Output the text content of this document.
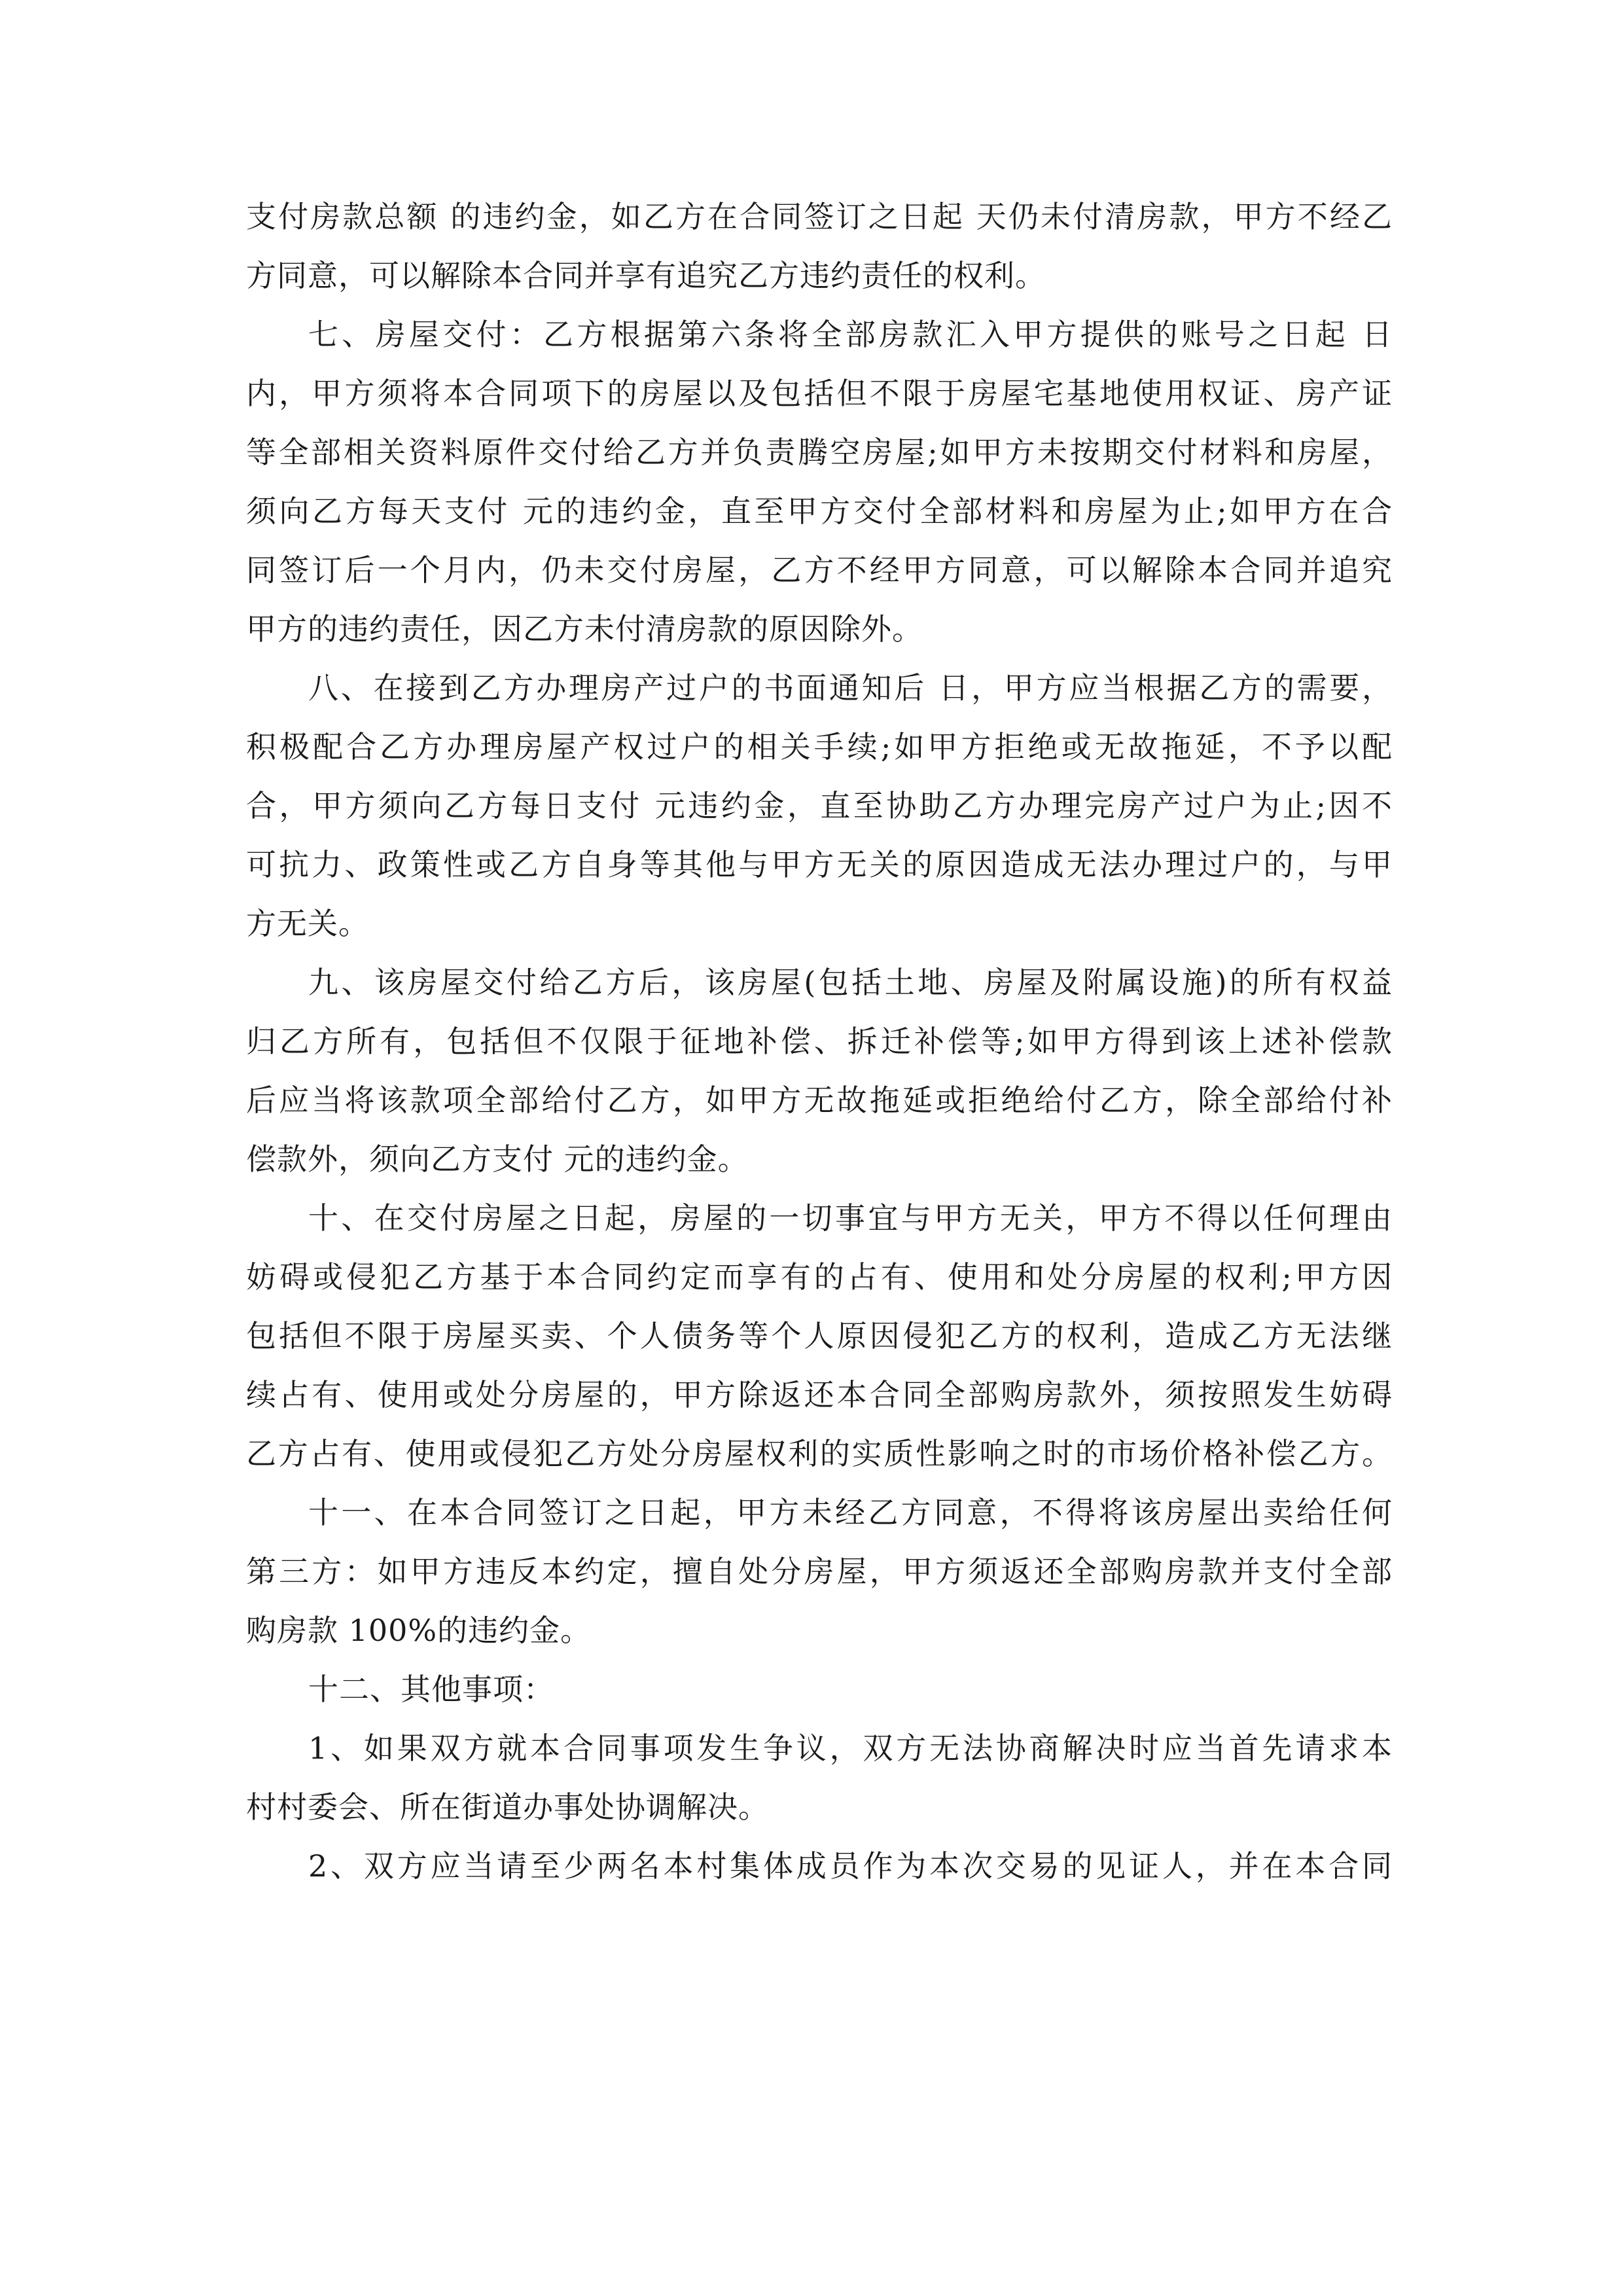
支付房款总额 的违约金，如乙方在合同签订之日起 天仍未付清房款，甲方不经乙
方同意，可以解除本合同并享有追究乙方违约责任的权利。
七、房屋交付：乙方根据第六条将全部房款汇入甲方提供的账号之日起 日
内，甲方须将本合同项下的房屋以及包括但不限于房屋宅基地使用权证、房产证
等全部相关资料原件交付给乙方并负责腾空房屋;如甲方未按期交付材料和房屋，
须向乙方每天支付 元的违约金，直至甲方交付全部材料和房屋为止;如甲方在合
同签订后一个月内，仍未交付房屋，乙方不经甲方同意，可以解除本合同并追究
甲方的违约责任，因乙方未付清房款的原因除外。
八、在接到乙方办理房产过户的书面通知后 日，甲方应当根据乙方的需要，
积极配合乙方办理房屋产权过户的相关手续;如甲方拒绝或无故拖延，不予以配
合，甲方须向乙方每日支付 元违约金，直至协助乙方办理完房产过户为止;因不
可抗力、政策性或乙方自身等其他与甲方无关的原因造成无法办理过户的，与甲
方无关。
九、该房屋交付给乙方后，该房屋(包括土地、房屋及附属设施)的所有权益
归乙方所有，包括但不仅限于征地补偿、拆迁补偿等;如甲方得到该上述补偿款
后应当将该款项全部给付乙方，如甲方无故拖延或拒绝给付乙方，除全部给付补
偿款外，须向乙方支付 元的违约金。
十、在交付房屋之日起，房屋的一切事宜与甲方无关，甲方不得以任何理由
妨碍或侵犯乙方基于本合同约定而享有的占有、使用和处分房屋的权利;甲方因
包括但不限于房屋买卖、个人债务等个人原因侵犯乙方的权利，造成乙方无法继
续占有、使用或处分房屋的，甲方除返还本合同全部购房款外，须按照发生妨碍
乙方占有、使用或侵犯乙方处分房屋权利的实质性影响之时的市场价格补偿乙方。
十一、在本合同签订之日起，甲方未经乙方同意，不得将该房屋出卖给任何
第三方：如甲方违反本约定，擅自处分房屋，甲方须返还全部购房款并支付全部
购房款 100%的违约金。
十二、其他事项：
1、如果双方就本合同事项发生争议，双方无法协商解决时应当首先请求本
村村委会、所在街道办事处协调解决。
2、双方应当请至少两名本村集体成员作为本次交易的见证人，并在本合同
